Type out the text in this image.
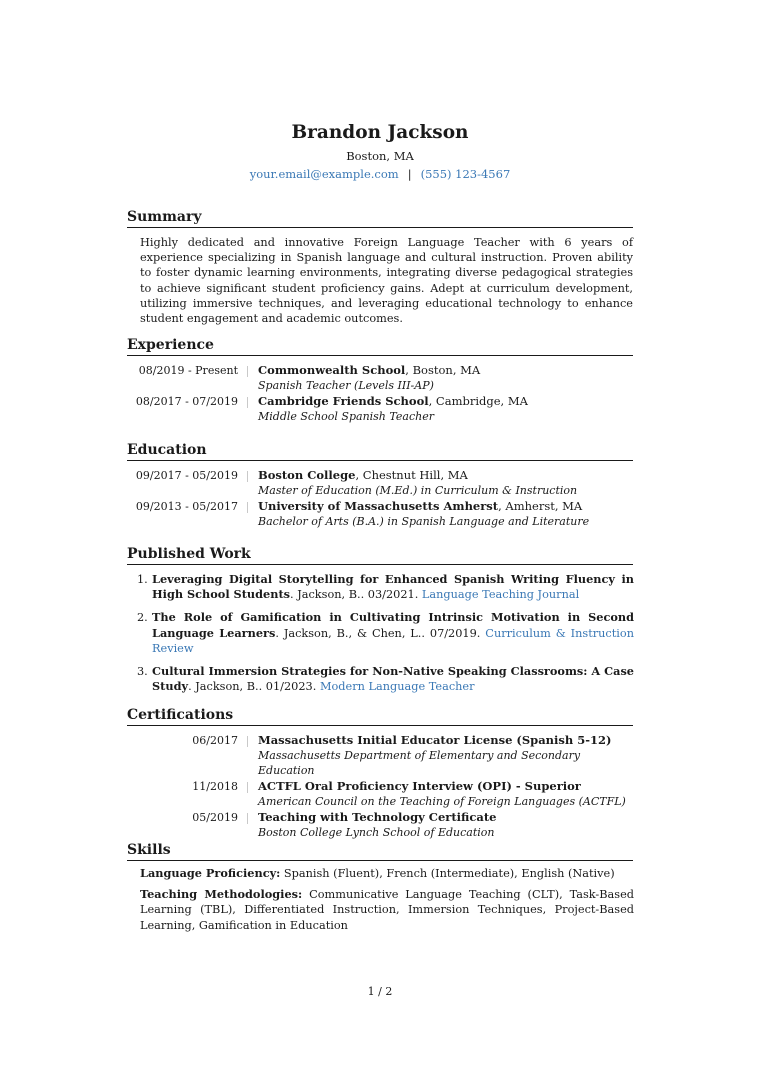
Brandon Jackson
Boston, MA
your.email@example.com | (555) 123-4567
Summary
Highly dedicated and innovative Foreign Language Teacher with 6 years of experience specializing in Spanish language and cultural instruction. Proven ability to foster dynamic learning environments, integrating diverse pedagogical strategies to achieve significant student proficiency gains. Adept at curriculum development, utilizing immersive techniques, and leveraging educational technology to enhance student engagement and academic outcomes.
Experience
08/2019 - Present Commonwealth School, Boston, MA
Spanish Teacher (Levels III-AP)
08/2017 - 07/2019 Cambridge Friends School, Cambridge, MA
Middle School Spanish Teacher
Education
09/2017 - 05/2019 Boston College, Chestnut Hill, MA
Master of Education (M.Ed.) in Curriculum & Instruction
09/2013 - 05/2017 University of Massachusetts Amherst, Amherst, MA
Bachelor of Arts (B.A.) in Spanish Language and Literature
Published Work
1. Leveraging Digital Storytelling for Enhanced Spanish Writing Fluency in High School Students. Jackson, B.. 03/2021. Language Teaching Journal
2. The Role of Gamification in Cultivating Intrinsic Motivation in Second Language Learners. Jackson, B., & Chen, L.. 07/2019. Curriculum & Instruction Review
3. Cultural Immersion Strategies for Non-Native Speaking Classrooms: A Case Study. Jackson, B.. 01/2023. Modern Language Teacher
Certifications
06/2017 Massachusetts Initial Educator License (Spanish 5-12)
Massachusetts Department of Elementary and Secondary Education
11/2018 ACTFL Oral Proficiency Interview (OPI) - Superior
American Council on the Teaching of Foreign Languages (ACTFL)
05/2019 Teaching with Technology Certificate
Boston College Lynch School of Education
Skills
Language Proficiency: Spanish (Fluent), French (Intermediate), English (Native)
Teaching Methodologies: Communicative Language Teaching (CLT), Task-Based Learning (TBL), Differentiated Instruction, Immersion Techniques, Project-Based Learning, Gamification in Education
1 / 2
